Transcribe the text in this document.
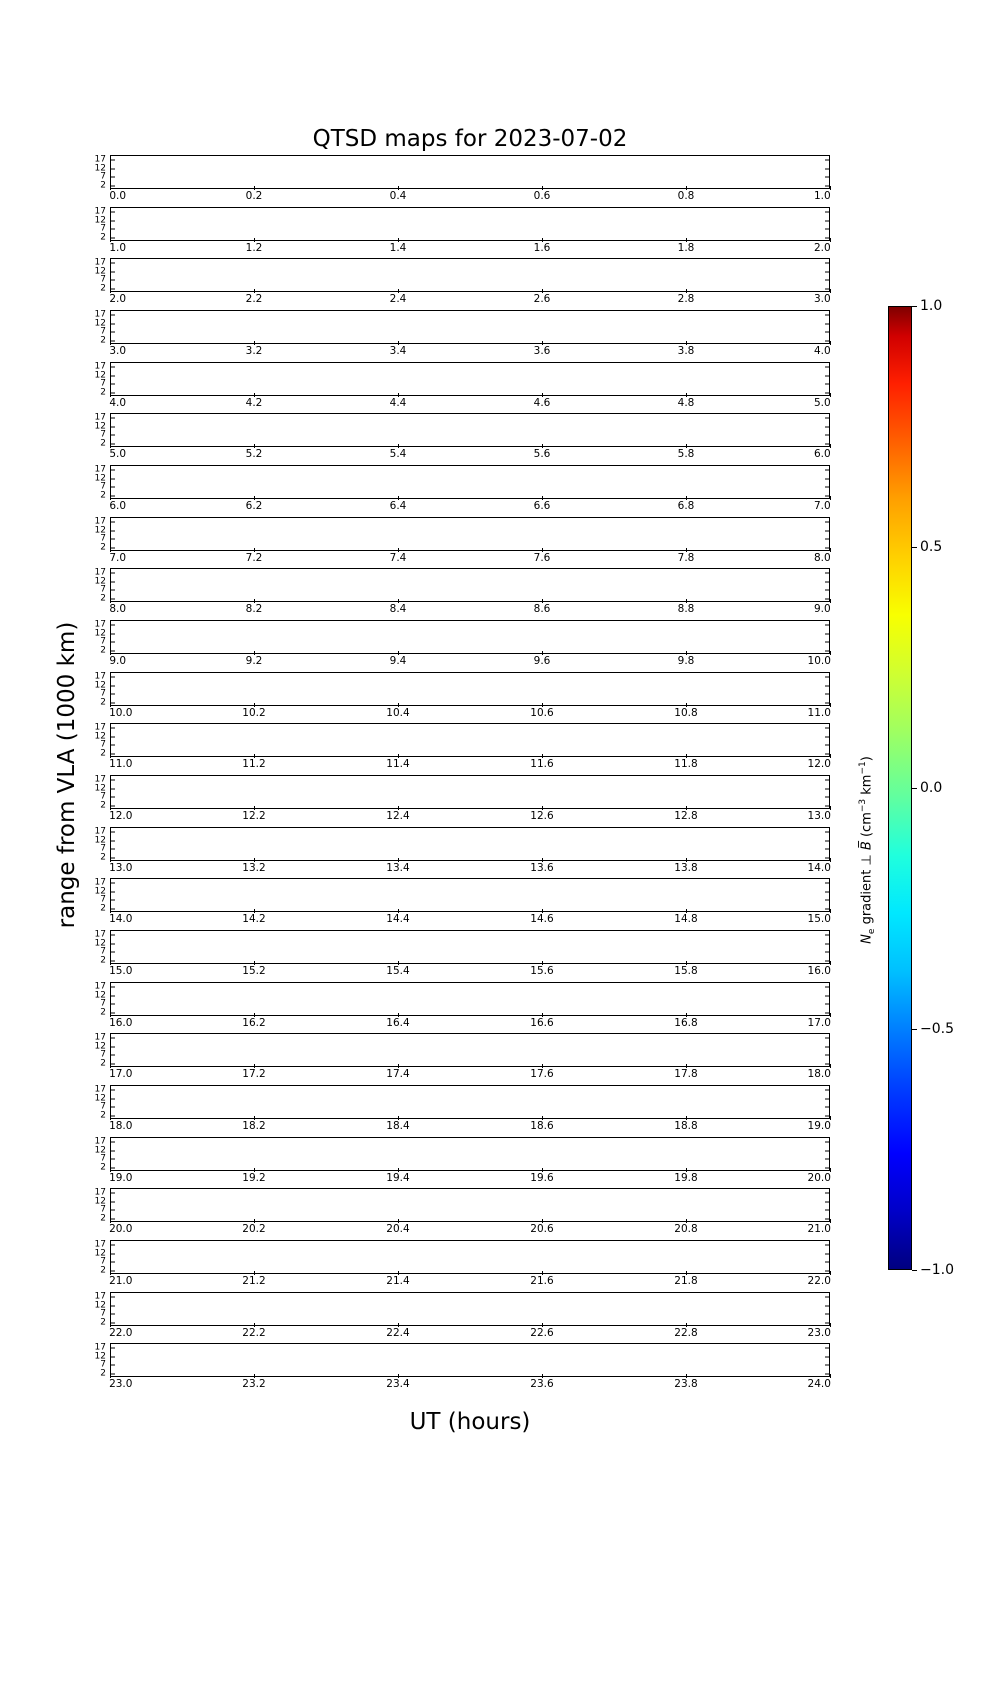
QTSD maps for 2023-07-02
range from VLA (1000 km)
UT (hours)
17
12
7
2
0.0	0.2	0.4	0.6	0.8	1.0
17
12
7
2
1.0	1.2	1.4	1.6	1.8	2.0
17
12
7
2
2.0	2.2	2.4	2.6	2.8	3.0
17
12
7
2
3.0	3.2	3.4	3.6	3.8	4.0
17
12
7
2
4.0	4.2	4.4	4.6	4.8	5.0
17
12
7
2
5.0	5.2	5.4	5.6	5.8	6.0
17
12
7
2
6.0	6.2	6.4	6.6	6.8	7.0
17
12
7
2
7.0	7.2	7.4	7.6	7.8	8.0
17
12
7
2
8.0	8.2	8.4	8.6	8.8	9.0
17
12
7
2
9.0	9.2	9.4	9.6	9.8	10.0
17
12
7
2
10.0	10.2	10.4	10.6	10.8	11.0
17
12
7
2
11.0	11.2	11.4	11.6	11.8	12.0
17
12
7
2
12.0	12.2	12.4	12.6	12.8	13.0
17
12
7
2
13.0	13.2	13.4	13.6	13.8	14.0
17
12
7
2
14.0	14.2	14.4	14.6	14.8	15.0
17
12
7
2
15.0	15.2	15.4	15.6	15.8	16.0
17
12
7
2
16.0	16.2	16.4	16.6	16.8	17.0
17
12
7
2
17.0	17.2	17.4	17.6	17.8	18.0
17
12
7
2
18.0	18.2	18.4	18.6	18.8	19.0
17
12
7
2
19.0	19.2	19.4	19.6	19.8	20.0
17
12
7
2
20.0	20.2	20.4	20.6	20.8	21.0
17
12
7
2
21.0	21.2	21.4	21.6	21.8	22.0
17
12
7
2
22.0	22.2	22.4	22.6	22.8	23.0
17
12
7
2
23.0	23.2	23.4	23.6	23.8	24.0
1.0
0.5
0.0
−0.5
−1.0
$N_e$ gradient ⊥ B̅ ($cm^{-3}$ $km^{-1}$)
